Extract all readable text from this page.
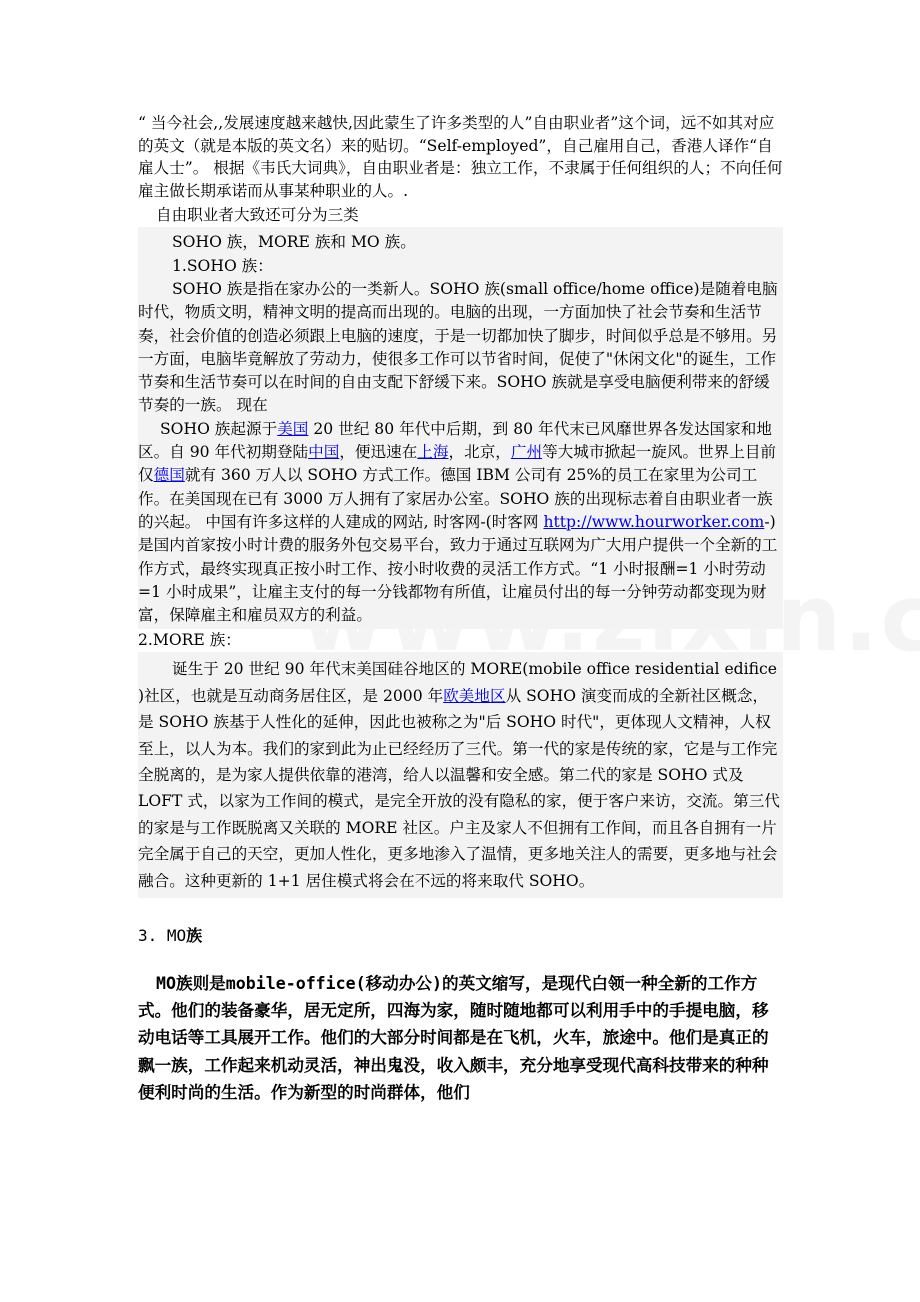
“ 当今社会,,发展速度越来越快,因此蒙生了许多类型的人”自由职业者”这个词，远不如其对应的英文（就是本版的英文名）来的贴切。“Self-employed”，自己雇用自己，香港人译作“自雇人士”。 根据《韦氏大词典》，自由职业者是：独立工作，不隶属于任何组织的人；不向任何雇主做长期承诺而从事某种职业的人。.

自由职业者大致还可分为三类

SOHO 族，MORE 族和 MO 族。

1.SOHO 族：

SOHO 族是指在家办公的一类新人。SOHO 族(small office/home office)是随着电脑时代，物质文明，精神文明的提高而出现的。电脑的出现，一方面加快了社会节奏和生活节奏，社会价值的创造必须跟上电脑的速度，于是一切都加快了脚步，时间似乎总是不够用。另一方面，电脑毕竟解放了劳动力，使很多工作可以节省时间，促使了"休闲文化"的诞生，工作节奏和生活节奏可以在时间的自由支配下舒缓下来。SOHO 族就是享受电脑便利带来的舒缓节奏的一族。 现在

SOHO 族起源于美国 20 世纪 80 年代中后期，到 80 年代末已风靡世界各发达国家和地区。自 90 年代初期登陆中国，便迅速在上海，北京，广州等大城市掀起一旋风。世界上目前仅德国就有 360 万人以 SOHO 方式工作。德国 IBM 公司有 25%的员工在家里为公司工作。在美国现在已有 3000 万人拥有了家居办公室。SOHO 族的出现标志着自由职业者一族的兴起。 中国有许多这样的人建成的网站, 时客网-(时客网 http://www.hourworker.com-)是国内首家按小时计费的服务外包交易平台，致力于通过互联网为广大用户提供一个全新的工作方式，最终实现真正按小时工作、按小时收费的灵活工作方式。“1 小时报酬=1 小时劳动=1 小时成果”，让雇主支付的每一分钱都物有所值，让雇员付出的每一分钟劳动都变现为财富，保障雇主和雇员双方的利益。

2.MORE 族：

诞生于 20 世纪 90 年代末美国硅谷地区的 MORE(mobile office residential edifice )社区，也就是互动商务居住区，是 2000 年欧美地区从 SOHO 演变而成的全新社区概念，是 SOHO 族基于人性化的延伸，因此也被称之为"后 SOHO 时代"，更体现人文精神，人权至上，以人为本。我们的家到此为止已经经历了三代。第一代的家是传统的家，它是与工作完全脱离的，是为家人提供依靠的港湾，给人以温馨和安全感。第二代的家是 SOHO 式及 LOFT 式，以家为工作间的模式，是完全开放的没有隐私的家，便于客户来访，交流。第三代的家是与工作既脱离又关联的 MORE 社区。户主及家人不但拥有工作间，而且各自拥有一片完全属于自己的天空，更加人性化，更多地渗入了温情，更多地关注人的需要，更多地与社会融合。这种更新的 1+1 居住模式将会在不远的将来取代 SOHO。

3. MO族

MO族则是mobile-office(移动办公)的英文缩写，是现代白领一种全新的工作方式。他们的装备豪华，居无定所，四海为家，随时随地都可以利用手中的手提电脑，移动电话等工具展开工作。他们的大部分时间都是在飞机，火车，旅途中。他们是真正的飘一族，工作起来机动灵活，神出鬼没，收入颇丰，充分地享受现代高科技带来的种种便利时尚的生活。作为新型的时尚群体，他们
